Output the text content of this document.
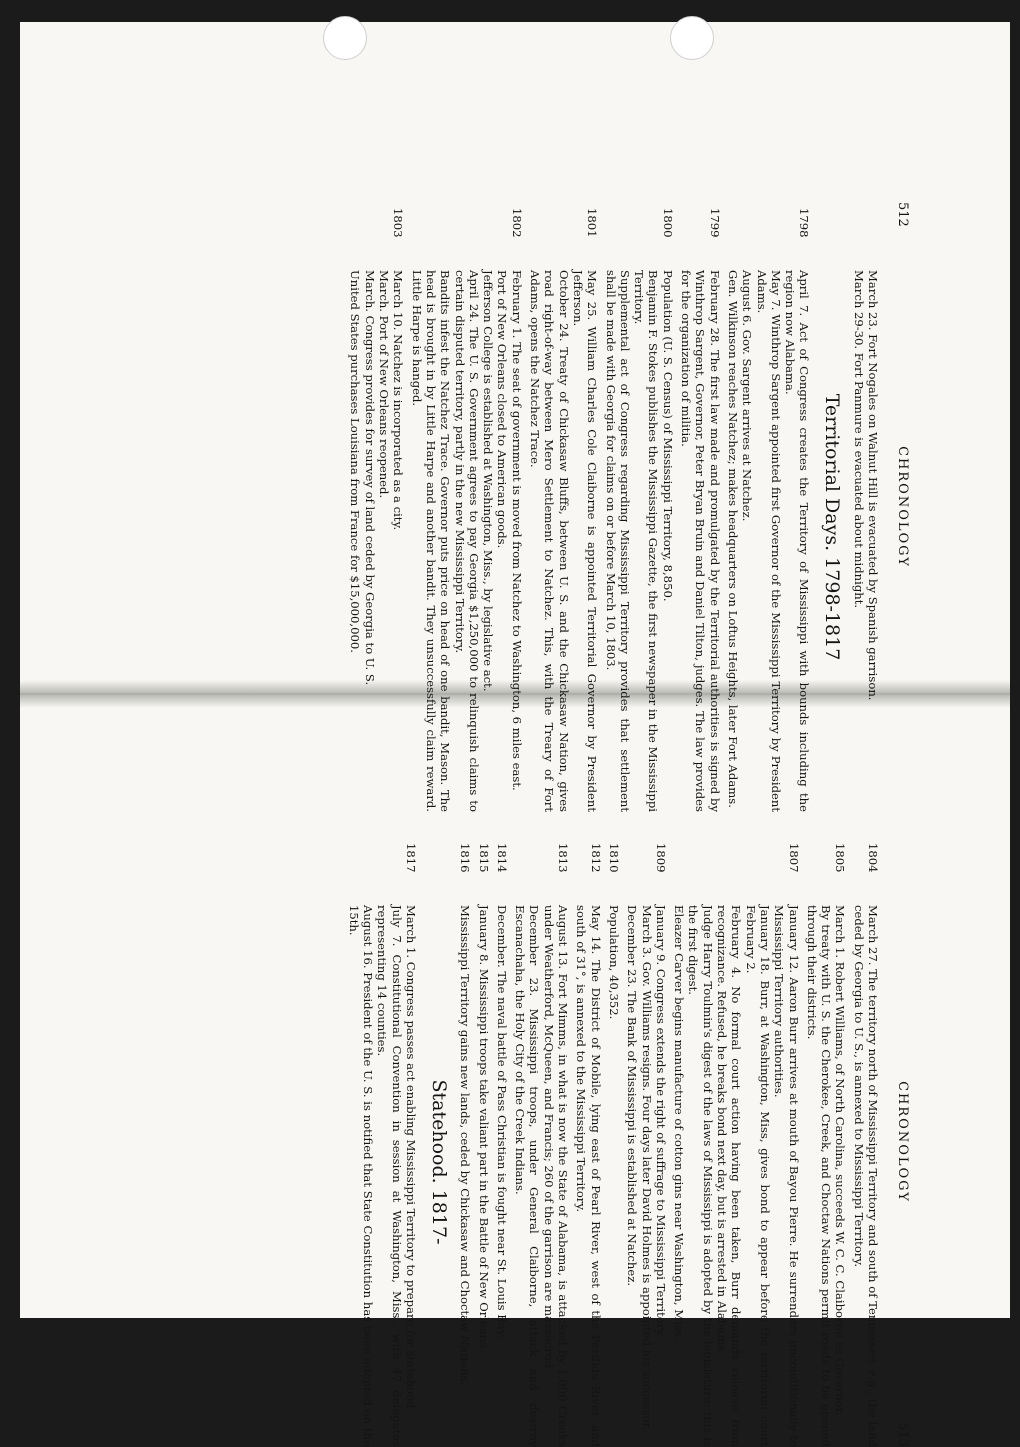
512
CHRONOLOGY

March 23. Fort Nogales on Walnut Hill is evacuated by Spanish garrison.

March 29-30. Fort Panmure is evacuated about midnight.

Territorial Days. 1798-1817
1798

April 7. Act of Congress creates the Territory of Mississippi with bounds including the region now Alabama.

May 7. Winthrop Sargent appointed first Governor of the Mississippi Territory by President Adams.

August 6. Gov. Sargent arrives at Natchez.

Gen. Wilkinson reaches Natchez; makes headquarters on Loftus Heights, later Fort Adams.

1799

February 28. The first law made and promulgated by the Territorial authorities is signed by Winthrop Sargent, Governor, Peter Bryan Bruin and Daniel Tilton, judges. The law provides for the organization of militia.

1800

Population (U. S. Census) of Mississippi Territory, 8,850.

Benjamin F. Stokes publishes the Mississippi Gazette, the first newspaper in the Mississippi Territory.

Supplemental act of Congress regarding Mississippi Territory provides that settlement shall be made with Georgia for claims on or before March 10, 1803.

1801

May 25. William Charles Cole Claiborne is appointed Territorial Governor by President Jefferson.

October 24. Treaty of Chickasaw Bluffs, between U. S. and the Chickasaw Nation, gives road right-of-way between Mero Settlement to Natchez. This, with the Treary of Fort Adams, opens the Natchez Trace.

1802

February 1. The seat of government is moved from Natchez to Washington, 6 miles east.

Port of New Orleans closed to American goods.

Jefferson College is established at Washington, Miss., by legislative act.

April 24. The U. S. Government agrees to pay Georgia $1,250,000 to relinquish claims to certain disputed territory, partly in the new Mississippi Territory.

Bandits infest the Natchez Trace. Governor puts price on head of one bandit, Mason. The head is brought in by Little Harpe and another bandit. They unsuccessfully claim reward. Little Harpe is hanged.

1803

March 10. Natchez is incorporated as a city.

March. Port of New Orleans reopened.

March. Congress provides for survey of land ceded by Georgia to U. S.

United States purchases Louisiana from France for $15,000,000.

CHRONOLOGY
513
1804

March 27. The territory north of Mississippi Territory and south of Tennessee, e.g., the land ceded by Georgia to U. S., is annexed to Mississippi Territory.

1805

March 1. Robert Williams, of North Carolina, succeeds W. C. C. Claiborne as Governor.

By treaty with U. S. the Cherokee, Creek, and Choctaw Nations permit roads to be opened through their districts.

1807

January 12. Aaron Burr arrives at mouth of Bayou Pierre. He surrenders unconditionally to Mississippi Territory authorities.

January 18. Burr, at Washington, Miss, gives bond to appear before the territorial court February 2.

February 4. No formal court action having been taken, Burr demands release from recognizance. Refused, he breaks bond next day, but is arrested in Alabama.

Judge Harry Toulmin's digest of the laws of Mississippi is adopted by the legislature; this is the first digest.

Eleazer Carver begins manufacture of cotton gins near Washington, Miss.

1809

January 9. Congress extends the right of suffrage to Mississippi Territory.

March 3. Gov. Williams resigns. Four days later David Holmes is appointed his successor.

December 23. The Bank of Mississippi is established at Natchez.

1810

Population, 40,352.

1812

May 14. The District of Mobile, lying east of Pearl River, west of the Perdido River, and south of 31°, is annexed to the Mississippi Territory.

1813

August 13. Fort Mimms, in what is now the State of Alabama, is attacked by 1,000 Creeks under Weatherford, McQueen, and Francis; 260 of the garrison are massacred.

December 23. Mississippi troops, under General Claiborne, attack and destroy Escanachaha, the Holy City of the Creek Indians.

1814

December. The naval battle of Pass Christian is fought near St. Louis Bay.

1815

January 8. Mississippi troops take valiant part in the Battle of New Orleans.

1816

Mississippi Territory gains new lands, ceded by Chickasaw and Choctaw Nations.

Statehood. 1817-
1817

March 1. Congress passes act enabling Mississippi Territory to prepare for statehood.

July 7. Constitutional Convention in session at Washington, Miss., with 47 delegates representing 14 counties.

August 16. President of the U. S. is notified that State Constitution has been adopted on the 15th.
